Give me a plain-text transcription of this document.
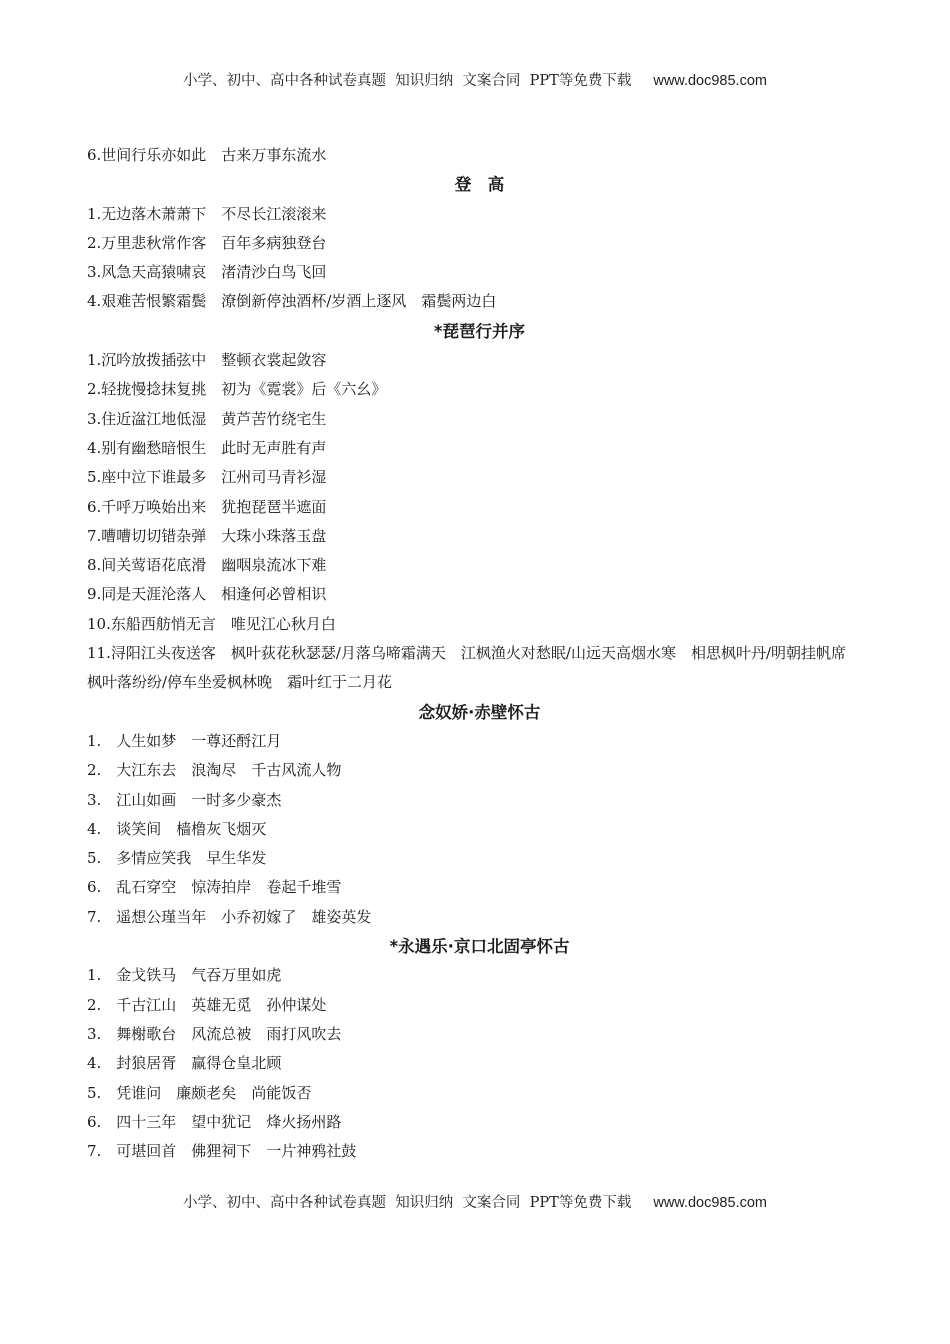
小学、初中、高中各种试卷真题  知识归纳  文案合同  PPT等免费下载 www.doc985.com
6.世间行乐亦如此　古来万事东流水
登　高
1.无边落木萧萧下　不尽长江滚滚来
2.万里悲秋常作客　百年多病独登台
3.风急天高猿啸哀　渚清沙白鸟飞回
4.艰难苦恨繁霜鬓　潦倒新停浊酒杯/岁酒上逐风　霜鬓两边白
*琵琶行并序
1.沉吟放拨插弦中　整顿衣裳起敛容
2.轻拢慢捻抹复挑　初为《霓裳》后《六幺》
3.住近湓江地低湿　黄芦苦竹绕宅生
4.别有幽愁暗恨生　此时无声胜有声
5.座中泣下谁最多　江州司马青衫湿
6.千呼万唤始出来　犹抱琵琶半遮面
7.嘈嘈切切错杂弹　大珠小珠落玉盘
8.间关莺语花底滑　幽咽泉流冰下难
9.同是天涯沦落人　相逢何必曾相识
10.东船西舫悄无言　唯见江心秋月白
11.浔阳江头夜送客　枫叶荻花秋瑟瑟/月落乌啼霜满天　江枫渔火对愁眠/山远天高烟水寒　相思枫叶丹/明朝挂帆席　枫叶落纷纷/停车坐爱枫林晚　霜叶红于二月花
念奴娇·赤壁怀古
1.　人生如梦　一尊还酹江月
2.　大江东去　浪淘尽　千古风流人物
3.　江山如画　一时多少豪杰
4.　谈笑间　樯橹灰飞烟灭
5.　多情应笑我　早生华发
6.　乱石穿空　惊涛拍岸　卷起千堆雪
7.　遥想公瑾当年　小乔初嫁了　雄姿英发
*永遇乐·京口北固亭怀古
1.　金戈铁马　气吞万里如虎
2.　千古江山　英雄无觅　孙仲谋处
3.　舞榭歌台　风流总被　雨打风吹去
4.　封狼居胥　赢得仓皇北顾
5.　凭谁问　廉颇老矣　尚能饭否
6.　四十三年　望中犹记　烽火扬州路
7.　可堪回首　佛狸祠下　一片神鸦社鼓
小学、初中、高中各种试卷真题  知识归纳  文案合同  PPT等免费下载 www.doc985.com
